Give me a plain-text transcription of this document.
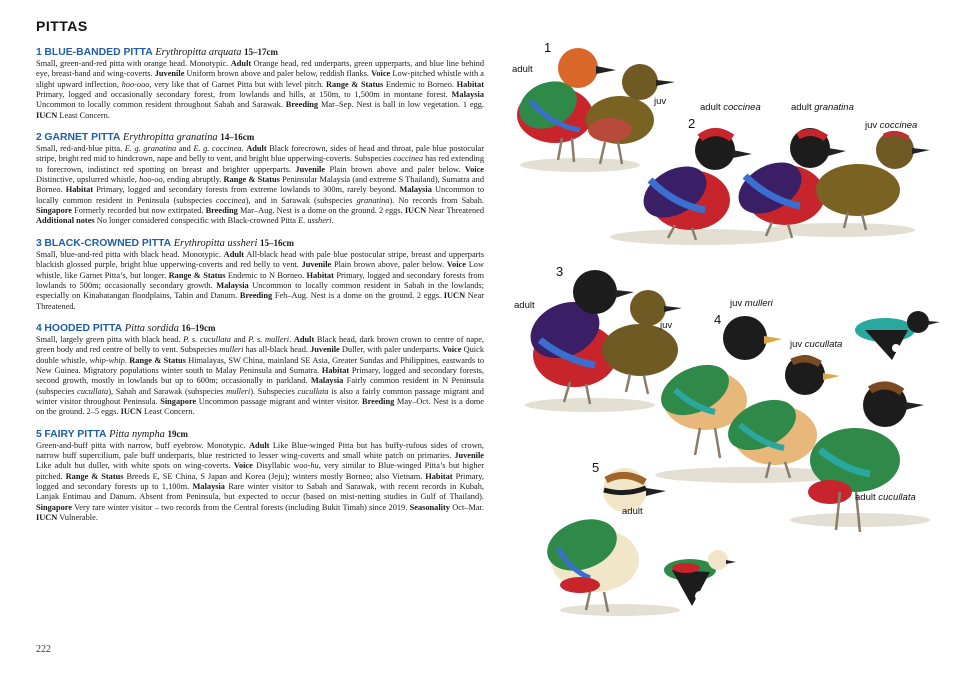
PITTAS

1 BLUE-BANDED PITTA Erythropitta arquata 15–17cm

Small, green-and-red pitta with orange head. Monotypic. Adult Orange head, red underparts, green upperparts, and blue line behind eye, breast-band and wing-coverts. Juvenile Uniform brown above and paler below, reddish flanks. Voice Low-pitched whistle with a slight upward inflection, hoo-ooo, very like that of Garnet Pitta but with level pitch. Range & Status Endemic to Borneo. Habitat Primary, logged and occasionally secondary forest, from lowlands and hills, at 150m, to 1,500m in montane forest. Malaysia Uncommon to locally common resident throughout Sabah and Sarawak. Breeding Mar–Sep. Nest is ball in low vegetation. 1 egg. IUCN Least Concern.

2 GARNET PITTA Erythropitta granatina 14–16cm

Small, red-and-blue pitta. E. g. granatina and E. g. coccinea. Adult Black forecrown, sides of head and throat, pale blue postocular stripe, bright red mid to hindcrown, nape and belly to vent, and bright blue upperwing-coverts. Subspecies coccinea has red extending to forecrown, indistinct red spotting on breast and brighter upperparts. Juvenile Plain brown above and paler below. Voice Distinctive, upslurred whistle, hoo-oo, ending abruptly. Range & Status Peninsular Malaysia (and extreme S Thailand), Sumatra and Borneo. Habitat Primary, logged and secondary forests from extreme lowlands to 300m, rarely beyond. Malaysia Uncommon to locally common resident in Peninsula (subspecies coccinea), and in Sarawak (subspecies granatina). No records from Sabah. Singapore Formerly recorded but now extirpated. Breeding Mar–Aug. Nest is a dome on the ground. 2 eggs. IUCN Near Threatened Additional notes No longer considered conspecific with Black-crowned Pitta E. ussheri.

3 BLACK-CROWNED PITTA Erythropitta ussheri 15–16cm

Small, blue-and-red pitta with black head. Monotypic. Adult All-black head with pale blue postocular stripe, breast and upperparts blackish glossed purple, bright blue upperwing-coverts and red belly to vent. Juvenile Plain brown above, paler below. Voice Low whistle, like Garnet Pitta’s, but longer. Range & Status Endemic to N Borneo. Habitat Primary, logged and secondary forests from lowlands to 500m; occasionally secondary growth. Malaysia Uncommon to locally common resident in Sabah in the lowlands; especially on Kinabatangan floodplains, Tabin and Danum. Breeding Feb–Aug. Nest is a dome on the ground. 2 eggs. IUCN Near Threatened.

4 HOODED PITTA Pitta sordida 16–19cm

Small, largely green pitta with black head. P. s. cucullata and P. s. mulleri. Adult Black head, dark brown crown to centre of nape, green body and red centre of belly to vent. Subspecies mulleri has all-black head. Juvenile Duller, with paler underparts. Voice Quick double whistle, whip-whip. Range & Status Himalayas, SW China, mainland SE Asia, Greater Sundas and Philippines, eastwards to New Guinea. Migratory populations winter south to Malay Peninsula and Sumatra. Habitat Primary, logged and secondary forests, second growth, mostly in lowlands but up to 600m; occasionally in parkland. Malaysia Fairly common resident in N Peninsula (subspecies cucullata), Sabah and Sarawak (subspecies mulleri). Subspecies cucullata is also a fairly common passage migrant and winter visitor throughout Peninsula. Singapore Uncommon passage migrant and winter visitor. Breeding May–Oct. Nest is a dome on the ground. 2–5 eggs. IUCN Least Concern.

5 FAIRY PITTA Pitta nympha 19cm

Green-and-buff pitta with narrow, buff eyebrow. Monotypic. Adult Like Blue-winged Pitta but has buffy-rufous sides of crown, narrow buff supercilium, pale buff underparts, blue restricted to lesser wing-coverts and small white patch on primaries. Juvenile Like adult but duller, with white spots on wing-coverts. Voice Disyllabic woo-hu, very similar to Blue-winged Pitta’s but higher pitched. Range & Status Breeds E, SE China, S Japan and Korea (Jeju); winters mostly Borneo; also Vietnam. Habitat Primary, logged and secondary forests up to 1,100m. Malaysia Rare winter visitor to Sabah and Sarawak, with recent records in Kubah, Lanjak Entimau and Danum. Absent from Peninsula, but expected to occur (based on mist-netting studies in Gulf of Thailand). Singapore Very rare winter visitor – two records from the Central forests (including Bukit Timah) since 2019. Seasonality Oct–Mar. IUCN Vulnerable.

222
1
2
3
4
5
adult
juv
adult coccinea	adult granatina
juv coccinea
adult
juv
juv mulleri
juv cucullata
adult cucullata
adult
